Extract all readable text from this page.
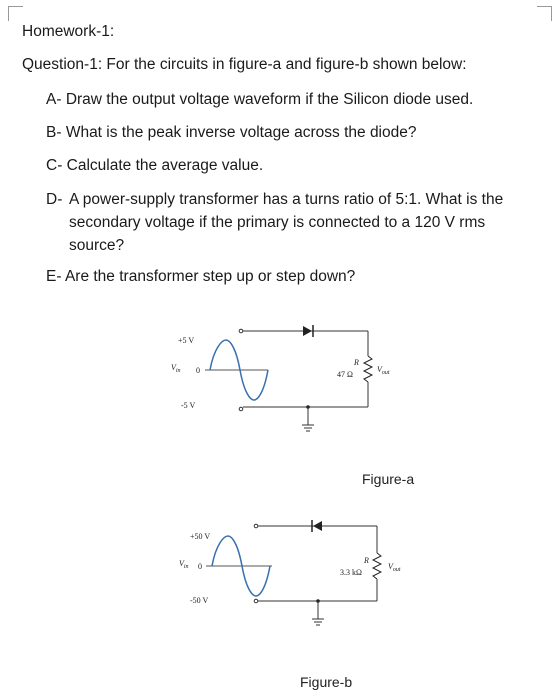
Homework-1:
Question-1: For the circuits in figure-a and figure-b shown below:
A- Draw the output voltage waveform if the Silicon diode used.
B- What is the peak inverse voltage across the diode?
C- Calculate the average value.
D- A power-supply transformer has a turns ratio of 5:1. What is the
secondary voltage if the primary is connected to a 120 V rms
source?
E- Are the transformer step up or step down?
+5 V
$V_{in}$ 0
-5 V
R
47 Ω
$V_{out}$
Figure-a
+50 V
$V_{in}$ 0
-50 V
R
3.3 kΩ
$V_{out}$
Figure-b
